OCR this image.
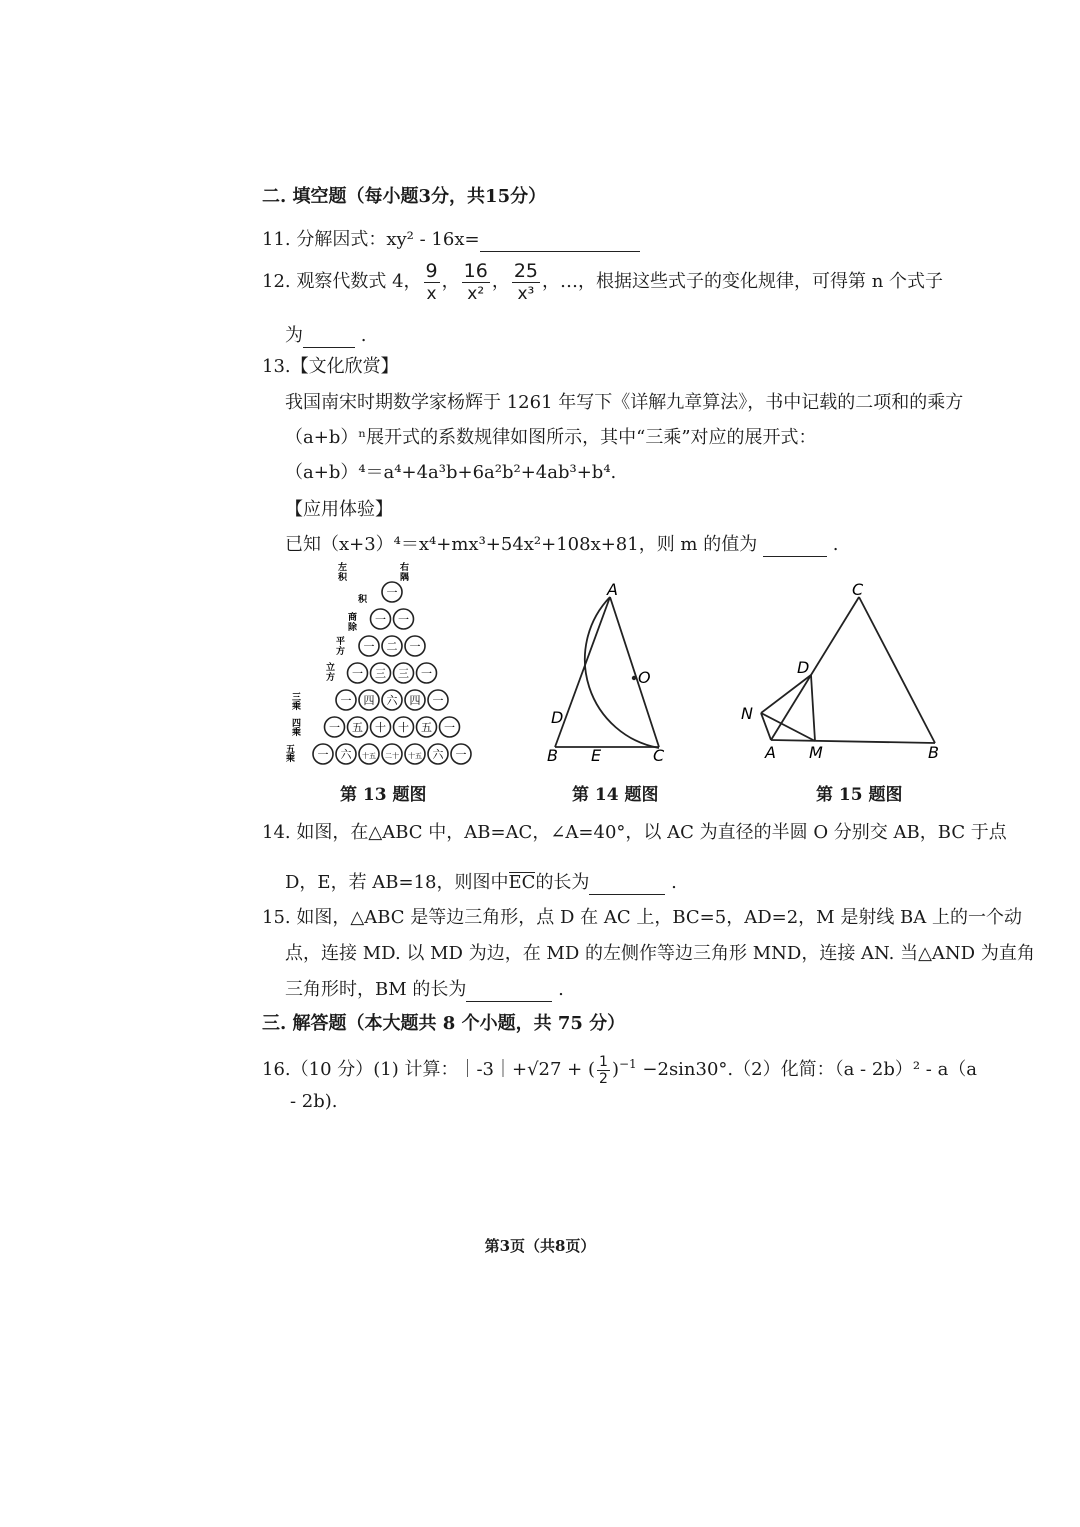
二. 填空题（每小题3分，共15分）
11. 分解因式：xy² - 16x=
12. 观察代数式 4， $\frac{9}{x}$ ， $\frac{16}{\text{x²}}$ ， $\frac{25}{\text{x³}}$ ，…，根据这些式子的变化规律，可得第 n 个式子
为	.
13.【文化欣赏】
我国南宋时期数学家杨辉于 1261 年写下《详解九章算法》，书中记载的二项和的乘方
（a+b）ⁿ展开式的系数规律如图所示，其中“三乘”对应的展开式：
（a+b）⁴＝a⁴+4a³b+6a²b²+4ab³+b⁴.
【应用体验】
已知（x+3）⁴＝x⁴+mx³+54x²+108x+81，则 m 的值为	.
一
一 一
一 二 一
一 三 三 一
一 四 六 四 一
一 五 十 十 五 一
一 六 十五 二十 十五 六 一
左
积
右
隅
积
商
除
平
方
立
方
三
乘
四
乘
五
乘
A
O
D
B E	C
C
D
N
A M	B
第 13 题图	第 14 题图	第 15 题图
14. 如图，在△ABC 中，AB=AC，∠A=40°，以 AC 为直径的半圆 O 分别交 AB，BC 于点
D，E，若 AB=18，则图中EC的长为	.
15. 如图，△ABC 是等边三角形，点 D 在 AC 上，BC=5，AD=2，M 是射线 BA 上的一个动
点，连接 MD. 以 MD 为边，在 MD 的左侧作等边三角形 MND，连接 AN. 当△AND 为直角
三角形时，BM 的长为	.
三. 解答题（本大题共 8 个小题，共 75 分）
16.（10 分）(1) 计算：｜-3｜+√27 + ( $\frac{1}{2} )^{-1} -2\sin 30^\circ.(2)$化简：（a - 2b）² - a（a
- 2b).
第3页（共8页）
